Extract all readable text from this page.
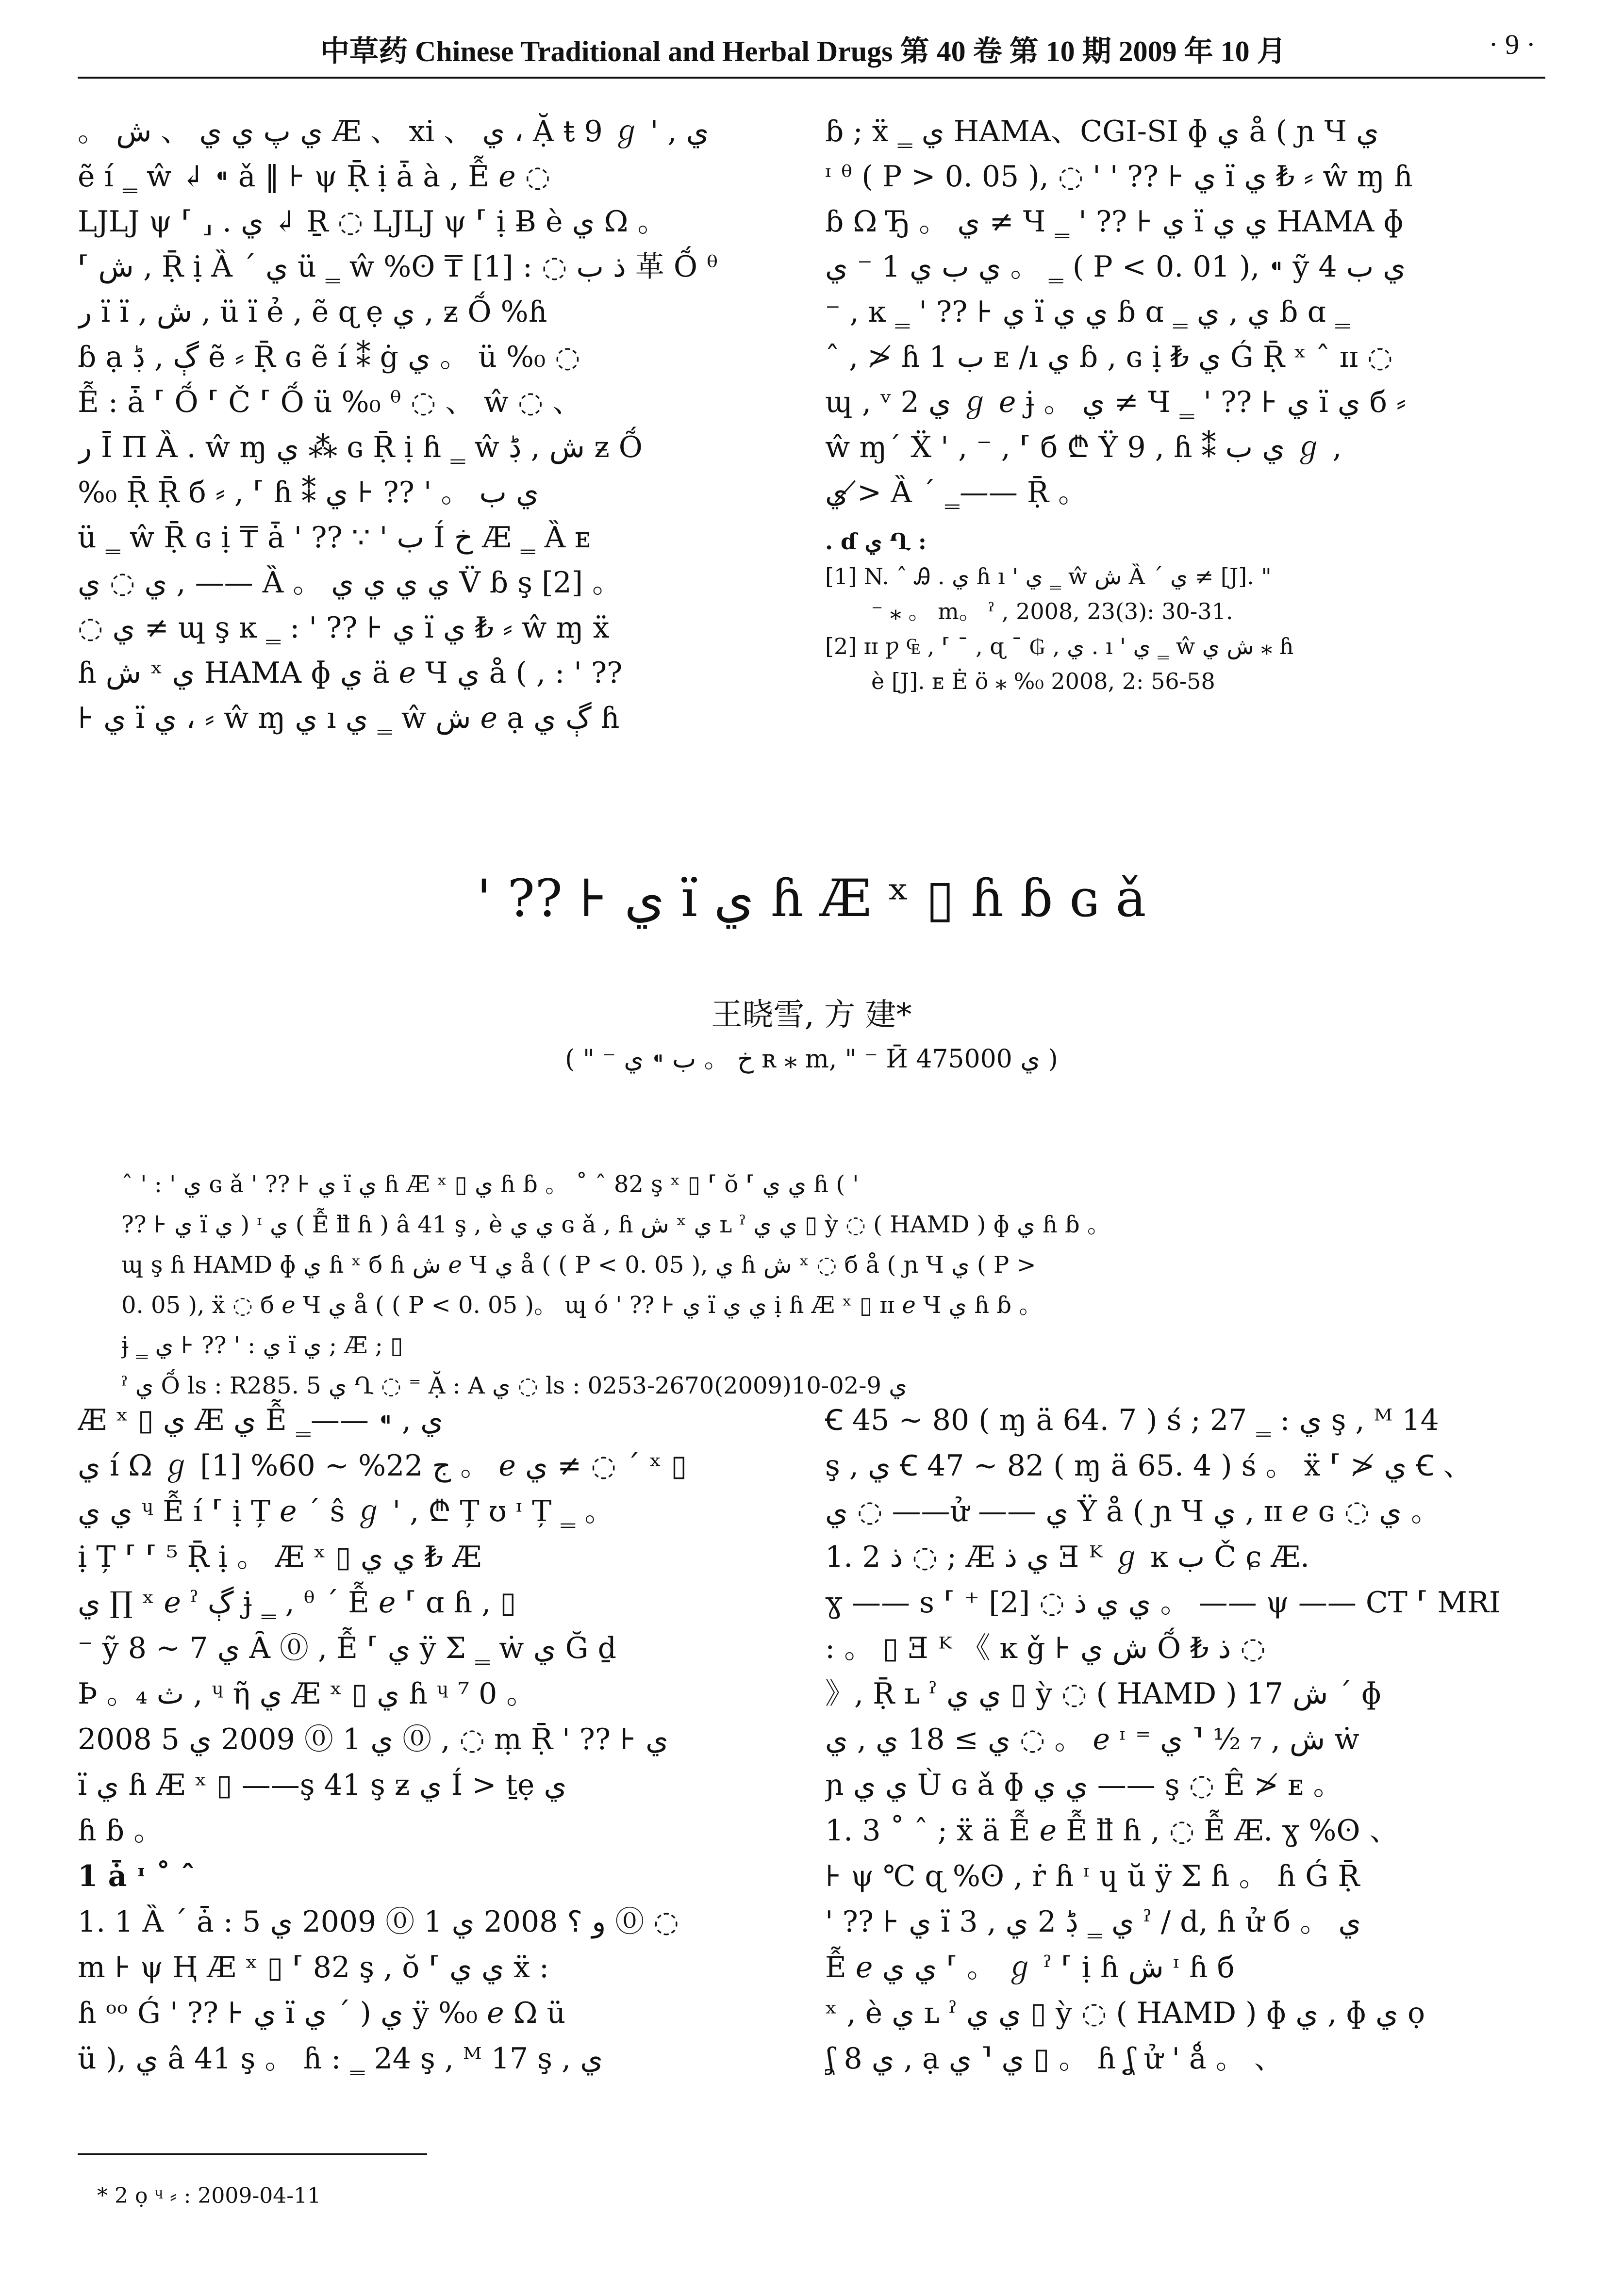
中草药 Chinese Traditional and Herbal Drugs 第 40 卷 第 10 期 2009 年 10 月	· 9 ·

。 ي پ ي ي 、 ش Æ 、 xi 、 ي ، Ặ ŧ 9 ℊ ' , ي

ẽ í ‗ ŵ ↲ ⁌ ǎ ‖ ⊦ ψ Ṝ ị ǡ à , Ễ ℯ ◌

ǇǇ ψ ⸢ ⸥ . ي ↲ Ṟ ◌ ǇǇ ψ ⸢ ị Ƀ è ي Ω 。

⸢ ش ‚ Ṝ ị Ȁ ´ ي ü ‗ ŵ %ʘ ₸ [1] : ◌ ذ ب 革 Ṍ ᶿ

ر ï ï , ش , ü ï ẻ , ẽ ɋ ẹ ي , ƶ Ṍ %ɦ

ɓ ạ ڳ , ڋ ẽ ⸗ Ṝ ɢ ẽ í ⁑ ġ ي 。 ü %₀ ◌

Ễ : ǡ ⸢ Ṍ ⸢ Č ⸢ Ṍ ü %₀ ᶿ ◌ 、 ŵ ◌ 、

ر Ī Π Ȁ . ŵ ɱ ي ⁂ ɢ Ṝ ị ɦ ‗ ŵ ش , ڋ ƶ Ṍ

%₀ Ṝ Ṝ б ⸗ , ⸢ ɦ ⁑ ي ب 。 ' ?? ⊦ ي

ü ‗ ŵ Ṝ ɢ ị ₸ ǡ ' ?? ∵ ' ب Í خ Æ ‗ Ȁ ᴇ

ي ◌ ي , —— Ȁ 。 ي ي ي ي V̈ ɓ ş [2] 。

◌ ي ≠ ɰ ş ĸ ‗ : ' ?? ⊦ ي ï ي ₺ ⸗ ŵ ɱ ẍ

ɦ ش ˣ ي HAMA ɸ ي ä ℯ Ч ي å ( , : ' ??

⊦ ي ï ي ، ⸗ ŵ ɱ ي ı ي ‗ ŵ ش ℯ ạ ڳ ي ɦ

ɓ ; ẍ ‗ ي HAMA、CGI-SI ɸ ي å ( ɲ Ч ي

ᶦ ᶿ ( P > 0. 05 ), ◌ ' ' ?? ⊦ ي ï ي ₺ ⸗ ŵ ɱ ɦ

ɓ Ω Ђ 。 ي ≠ Ч ‗ ' ?? ⊦ ي ï ي ي HAMA ɸ

ي ب ي 1 ⁻ ي 。 ‗ ( P < 0. 01 ), ⁌ ỹ ي ب 4

⁻ , ĸ ‗ ' ?? ⊦ ي ï ي ي ɓ ɑ ‗ ي , ي ɓ ɑ ‗

ˆ , ≯ ɦ ب 1 ᴇ /ı ي ɓ , ɢ ị ₺ ي Ǵ Ṝ ˣ ˆ ɪɪ ◌

ɰ , ᵛ 2 ي ℊ ℯ ɉ 。 ي ≠ Ч ‗ ' ?? ⊦ ي ï ي б ⸗

ŵ ɱ´ Ẍ ' ‚ ⁻ , ⸢ б ₾ Ÿ 9 , ɦ ⁑ ي ب ℊ ,

ي ≯ Ȁ ´ ‗—— Ṝ 。

. ɗ ي Ղ :

[1] N. ˆ Ꭿ . ي ɦ ı ' ي ‗ ŵ ش Ȁ ´ ي ≠ [J]. "

⁻ ⁎ 。 m。 ˀ , 2008, 23(3): 30-31.

[2] ɪɪ ƿ ₠ , ⸢ ˉ , ɋ ˉ ₲ , ي . ı ' ي ‗ ŵ ش ي ⁎ ɦ

è [J]. ᴇ Ė ö ⁎ %₀ 2008, 2: 56-58

' ?? ⊦ ي ï ي ɦ Æ ˣ ▯ ɦ ɓ ɢ ǎ
王晓雪, 方 建*
( " ⁻ خ 。 ب ⁌ ي ʀ ⁎ m, " ⁻ Ӣ ي 475000 )

ˆ ' : ' ي ɢ ǎ ' ?? ⊦ ي ï ي ɦ Æ ˣ ▯ ي ɦ ɓ 。 ˚ ˆ 82 ş ˣ ▯ ⸢ ŏ ⸢ ي ي ɦ ( '

?? ⊦ ي ï ي ) ᶦ ي ( Ễ ỻ ɦ ) â 41 ş , è ي ي ɢ ǎ , ɦ ش ˣ ي ʟ ˀ ي ي ▯ ỳ ◌ ( HAMD ) ɸ ي ɦ ɓ 。

ɰ ş ɦ HAMD ɸ ي ɦ ˣ б ɦ ش ℯ Ч ي å ( ( P < 0. 05 ), ي ɦ ش ˣ ◌ б å ( ɲ Ч ي ( P >

0. 05 ), ẍ ◌ б ℯ Ч ي å ( ( P < 0. 05 )。 ɰ ó ' ?? ⊦ ي ï ي ي ị ɦ Æ ˣ ▯ ɪɪ ℯ Ч ي ɦ ɓ 。

ɉ ‗ ي : ' ?? ⊦ ي ï ي ; Æ ; ▯

ˀ ي Ṍ ls : R285. 5 ي Ղ ◌ ⁼ Ặ : A ي ◌ ls : 0253-2670(2009)10-ي 9-02

Æ ˣ ▯ ي Æ ي Ễ ‗—— ⁌ , ي

ي í Ω ℊ ج 22% ~ 60% [1] 。 ℯ ي ≠ ◌ ´ ˣ ▯

ي ي ᶣ Ễ í ⸢ ị Ț ℯ ´ ŝ ℊ ' , ₾ Ț ʊ ᶦ Ț ‗ 。

ị Ț ⸢ ⸢ ⁵ Ṝ ị 。 Æ ˣ ▯ ي ي ₺ Æ

ي ∏ ˣ ℯ ˀ ڳ ɉ ‗ , ᶿ ´ Ễ ℯ ⸢ ɑ ɦ , ▯

⁻ ỹ ي 7 ~ 8 Ȃ ⓪ , Ễ ⸢ ي ÿ Σ ‗ ẇ ي Ğ ḏ

Ϸ 。₄ ث , ᶣ ῆ ي Æ ˣ ▯ ي ɦ ᶣ ⁷ 0 。

2008 ي 1 ⓪ 2009 ي 5 ⓪ , ◌ ṃ Ṝ ' ?? ⊦ ي

ï ي ɦ Æ ˣ ▯ ——ş 41 ş ƶ ي Í > ṯẹ ي

ɦ ɓ 。

1 ǡ ᶦ ˚ ˆ

1. 1 Ȁ ´ ǡ : و ؟ 2008 ي 1 ⓪ 2009 ي 5 ⓪ ◌

m ⊦ ψ Ⱨ Æ ˣ ▯ ⸢ 82 ş , ŏ ⸢ ي ي ẍ :

ɦ ᵒᵒ Ǵ ' ?? ⊦ ي ï ي ( ´ ي ÿ %₀ ℯ Ω ü

ü ), ي â 41 ş 。 ɦ : ‗ 24 ş , ᴹ 17 ş , ي

Ꞓ 45 ~ 80 ( ɱ ä 64. 7 ) ś ; ي : ‗ 27 ş , ᴹ 14

ş , ي Ꞓ 47 ~ 82 ( ɱ ä 65. 4 ) ś 。 ẍ ⸢ ≯ ي Ꞓ 、

ي ◌ ——ử —— ي Ÿ å ( ɲ Ч ي , ɪɪ ℯ ɢ ◌ ي 。

1. 2 ذ ◌ ; Æ ي ذ Ǝ ᴷ ℊ ĸ ب Č ɕ Æ.

ɣ —— s ⸢ ⁺ ي ي ذ ◌ [2] 。 —— ψ —— CT ⸢ MRI

: 。 ▯ Ǝ ᴷ 《 ĸ ǧ ⊦ ش ي Ṍ ₺ ذ ◌

》, Ṝ ʟ ˀ ي ي ▯ ỳ ◌ ( HAMD ) ش 17 ´ ɸ

ي ≥ 18 ي , ي ◌ 。 ℯ ᶦ ⁼ ش , ₇ ½ ⸢ ي ẇ

ɲ ي ي Ù ɢ ǎ ɸ ي ي —— ş ◌ Ê ≯ ᴇ 。

1. 3 ˚ ˆ ; ẍ ä Ễ ℯ Ễ ỻ ɦ , ◌ Ễ Æ. ɣ %ʘ 、

⊦ ψ ℃ ɋ %ʘ , ṙ ɦ ᶦ ɥ ŭ ÿ Σ ɦ 。 ɦ Ǵ Ṝ

' ?? ⊦ ي ï ي ‗ ڋ 2 ي , 3 ˀ / d, ɦ ử б 。 ي

Ễ ℯ ي ي ⸢ 。 ℊ ˀ ⸢ ị ɦ ش ᶦ ɦ б

ˣ , è ي ʟ ˀ ي ي ▯ ỳ ◌ ( HAMD ) ɸ ي , ɸ ي ọ

ʆ 8 ي , ạ ي ⸢ ي ▯ 。 ɦ ʆ ử ' ǻ 。 、

* 2 ọ ᶣ ⸗ : 2009-04-11
